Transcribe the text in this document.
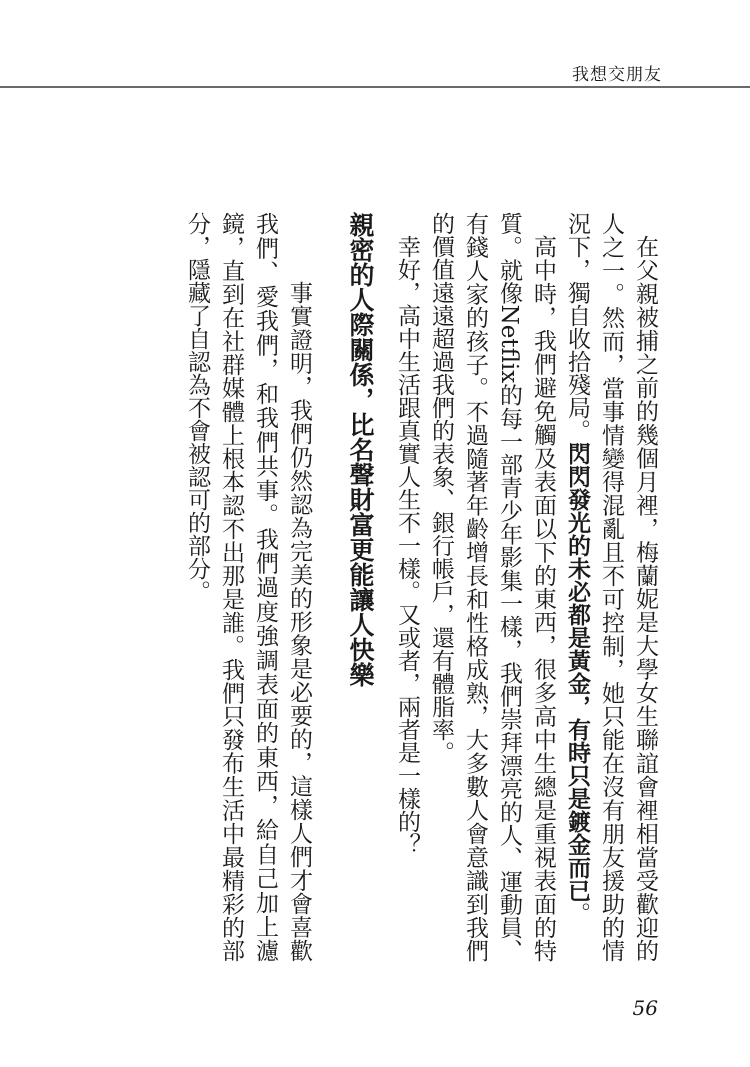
我想交朋友

在父親被捕之前的幾個月裡，梅蘭妮是大學女生聯誼會裡相當受歡迎的人之一。然而，當事情變得混亂且不可控制，她只能在沒有朋友援助的情況下，獨自收拾殘局。閃閃發光的未必都是黃金，有時只是鍍金而已。

高中時，我們避免觸及表面以下的東西，很多高中生總是重視表面的特質。就像Netflix的每一部青少年影集一樣，我們崇拜漂亮的人、運動員、有錢人家的孩子。不過隨著年齡增長和性格成熟，大多數人會意識到我們的價值遠遠超過我們的表象、銀行帳戶，還有體脂率。

幸好，高中生活跟真實人生不一樣。又或者，兩者是一樣的？

親密的人際關係，比名聲財富更能讓人快樂

事實證明，我們仍然認為完美的形象是必要的，這樣人們才會喜歡我們、愛我們，和我們共事。我們過度強調表面的東西，給自己加上濾鏡，直到在社群媒體上根本認不出那是誰。我們只發布生活中最精彩的部分，隱藏了自認為不會被認可的部分。

56
